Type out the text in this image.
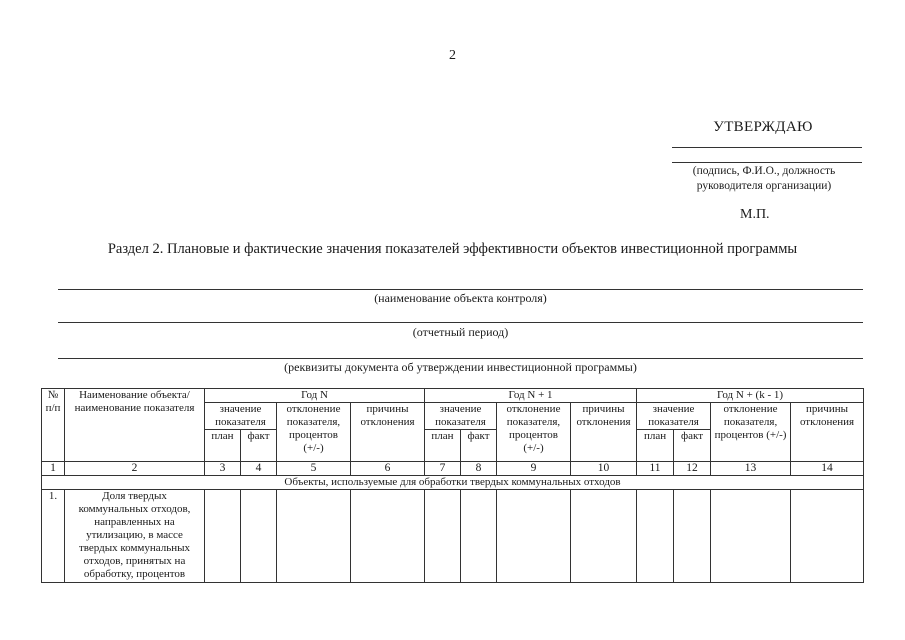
2
УТВЕРЖДАЮ
(подпись, Ф.И.О., должность
руководителя организации)
М.П.
Раздел 2. Плановые и фактические значения показателей эффективности объектов инвестиционной программы
(наименование объекта контроля)
(отчетный период)
(реквизиты документа об утверждении инвестиционной программы)
№ п/п	Наименование объекта/ наименование показателя	Год N				Год N + 1				Год N + (k - 1)			
		значение показателя		отклонение показателя, процентов (+/-)	причины отклонения	значение показателя		отклонение показателя, процентов (+/-)	причины отклонения	значение показателя		отклонение показателя, процентов (+/-)	причины отклонения
		план	факт			план	факт			план	факт		
1	2	3	4	5	6	7	8	9	10	11	12	13	14
Объекты, используемые для обработки твердых коммунальных отходов													
1.	Доля твердых коммунальных отходов, направленных на утилизацию, в массе твердых коммунальных отходов, принятых на обработку, процентов												
